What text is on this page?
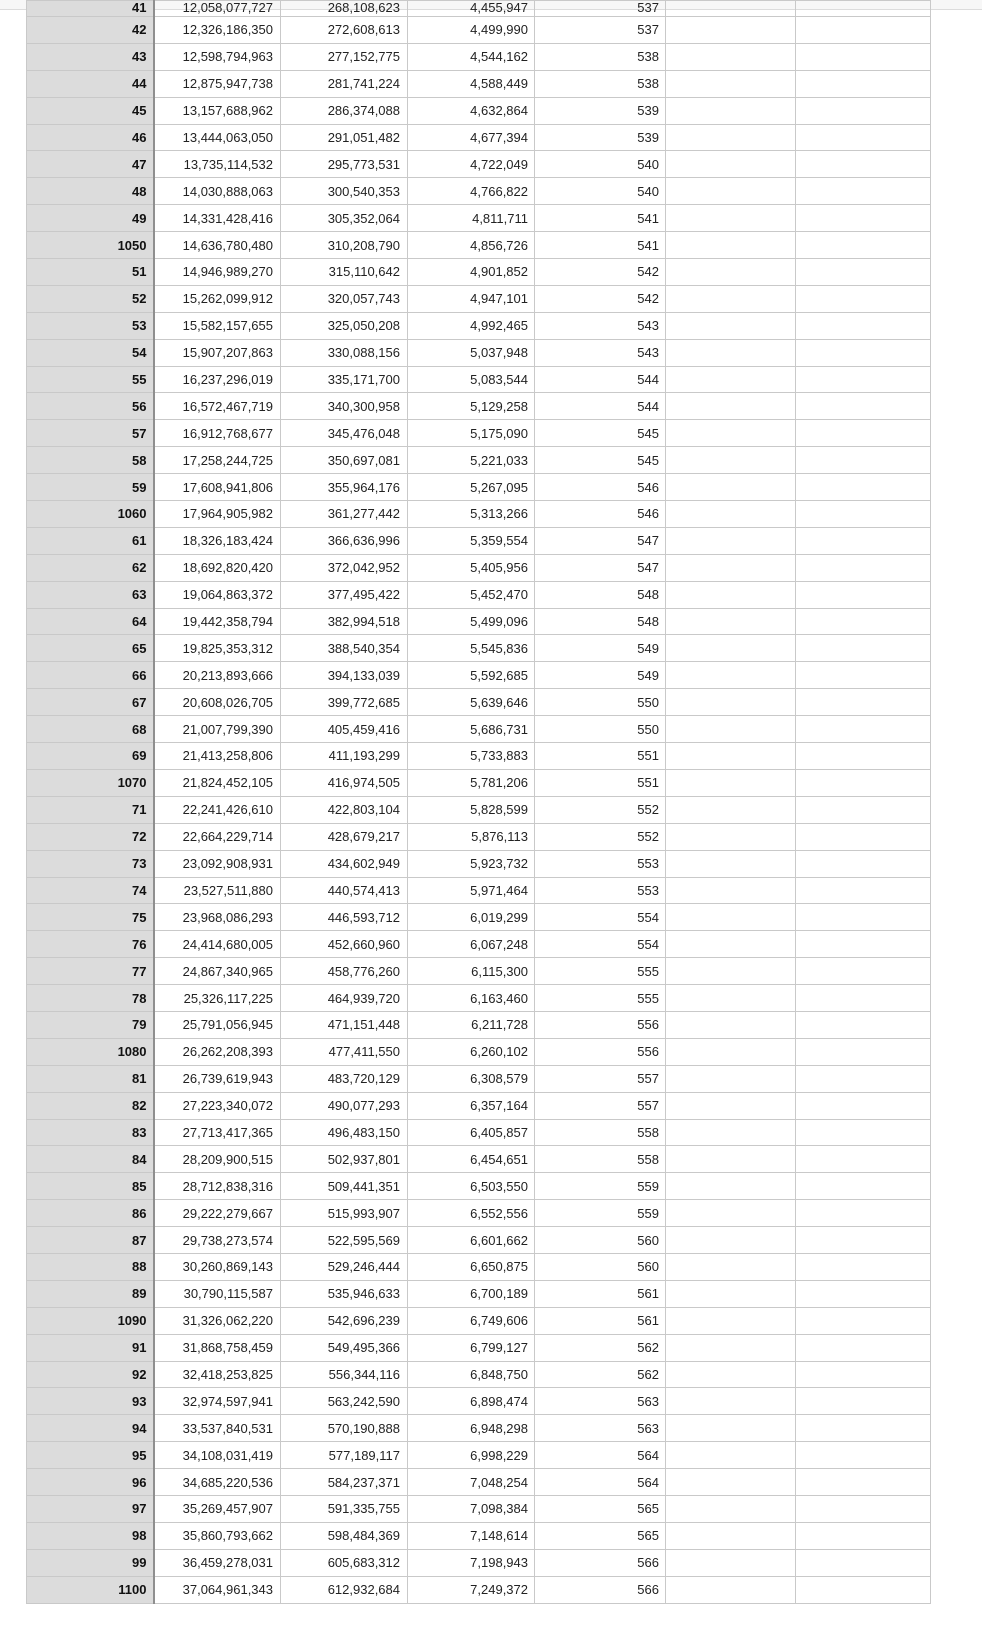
41	12,058,077,727	268,108,623	4,455,947	537		
42	12,326,186,350	272,608,613	4,499,990	537		
43	12,598,794,963	277,152,775	4,544,162	538		
44	12,875,947,738	281,741,224	4,588,449	538		
45	13,157,688,962	286,374,088	4,632,864	539		
46	13,444,063,050	291,051,482	4,677,394	539		
47	13,735,114,532	295,773,531	4,722,049	540		
48	14,030,888,063	300,540,353	4,766,822	540		
49	14,331,428,416	305,352,064	4,811,711	541		
1050	14,636,780,480	310,208,790	4,856,726	541		
51	14,946,989,270	315,110,642	4,901,852	542		
52	15,262,099,912	320,057,743	4,947,101	542		
53	15,582,157,655	325,050,208	4,992,465	543		
54	15,907,207,863	330,088,156	5,037,948	543		
55	16,237,296,019	335,171,700	5,083,544	544		
56	16,572,467,719	340,300,958	5,129,258	544		
57	16,912,768,677	345,476,048	5,175,090	545		
58	17,258,244,725	350,697,081	5,221,033	545		
59	17,608,941,806	355,964,176	5,267,095	546		
1060	17,964,905,982	361,277,442	5,313,266	546		
61	18,326,183,424	366,636,996	5,359,554	547		
62	18,692,820,420	372,042,952	5,405,956	547		
63	19,064,863,372	377,495,422	5,452,470	548		
64	19,442,358,794	382,994,518	5,499,096	548		
65	19,825,353,312	388,540,354	5,545,836	549		
66	20,213,893,666	394,133,039	5,592,685	549		
67	20,608,026,705	399,772,685	5,639,646	550		
68	21,007,799,390	405,459,416	5,686,731	550		
69	21,413,258,806	411,193,299	5,733,883	551		
1070	21,824,452,105	416,974,505	5,781,206	551		
71	22,241,426,610	422,803,104	5,828,599	552		
72	22,664,229,714	428,679,217	5,876,113	552		
73	23,092,908,931	434,602,949	5,923,732	553		
74	23,527,511,880	440,574,413	5,971,464	553		
75	23,968,086,293	446,593,712	6,019,299	554		
76	24,414,680,005	452,660,960	6,067,248	554		
77	24,867,340,965	458,776,260	6,115,300	555		
78	25,326,117,225	464,939,720	6,163,460	555		
79	25,791,056,945	471,151,448	6,211,728	556		
1080	26,262,208,393	477,411,550	6,260,102	556		
81	26,739,619,943	483,720,129	6,308,579	557		
82	27,223,340,072	490,077,293	6,357,164	557		
83	27,713,417,365	496,483,150	6,405,857	558		
84	28,209,900,515	502,937,801	6,454,651	558		
85	28,712,838,316	509,441,351	6,503,550	559		
86	29,222,279,667	515,993,907	6,552,556	559		
87	29,738,273,574	522,595,569	6,601,662	560		
88	30,260,869,143	529,246,444	6,650,875	560		
89	30,790,115,587	535,946,633	6,700,189	561		
1090	31,326,062,220	542,696,239	6,749,606	561		
91	31,868,758,459	549,495,366	6,799,127	562		
92	32,418,253,825	556,344,116	6,848,750	562		
93	32,974,597,941	563,242,590	6,898,474	563		
94	33,537,840,531	570,190,888	6,948,298	563		
95	34,108,031,419	577,189,117	6,998,229	564		
96	34,685,220,536	584,237,371	7,048,254	564		
97	35,269,457,907	591,335,755	7,098,384	565		
98	35,860,793,662	598,484,369	7,148,614	565		
99	36,459,278,031	605,683,312	7,198,943	566		
1100	37,064,961,343	612,932,684	7,249,372	566		
